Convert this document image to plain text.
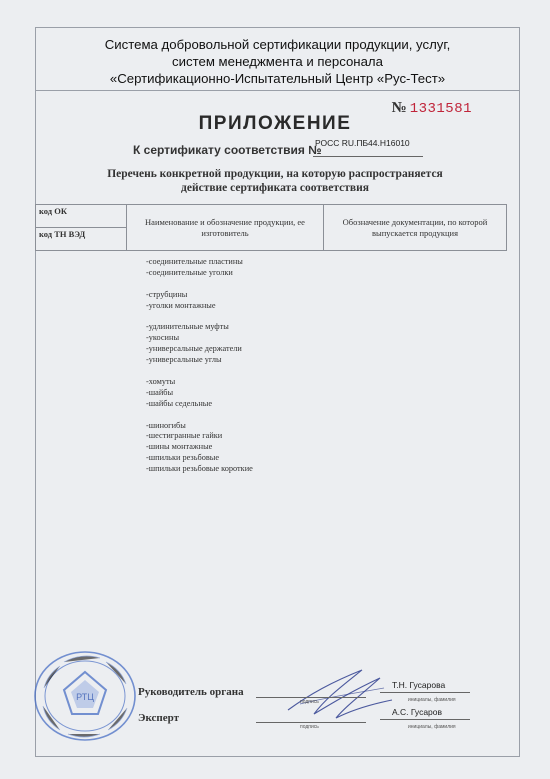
Система добровольной сертификации продукции, услуг,
систем менеджмента и персонала
«Сертификационно-Испытательный Центр «Рус-Тест»
№ 1331581
ПРИЛОЖЕНИЕ
К сертификату соответствия №
РОСС RU.ПБ44.Н16010
Перечень конкретной продукции, на которую распространяется
действие сертификата соответствия
код ОК	Наименование и обозначение продукции, ее изготовитель	Обозначение документации, по которой выпускается продукция
код ТН ВЭД
-соединительные пластины
-соединительные уголки
-струбцины
-уголки монтажные
-удлинительные муфты
-укосины
-универсальные держатели
-универсальные углы
-хомуты
-шайбы
-шайбы седельные
-шиногибы
-шестигранные гайки
-шины монтажные
-шпильки резьбовые
-шпильки резьбовые короткие
РТЦ	Руководитель органа
подпись
Т.Н. Гусарова
инициалы, фамилия
Эксперт
подпись
А.С. Гусаров
инициалы, фамилия
